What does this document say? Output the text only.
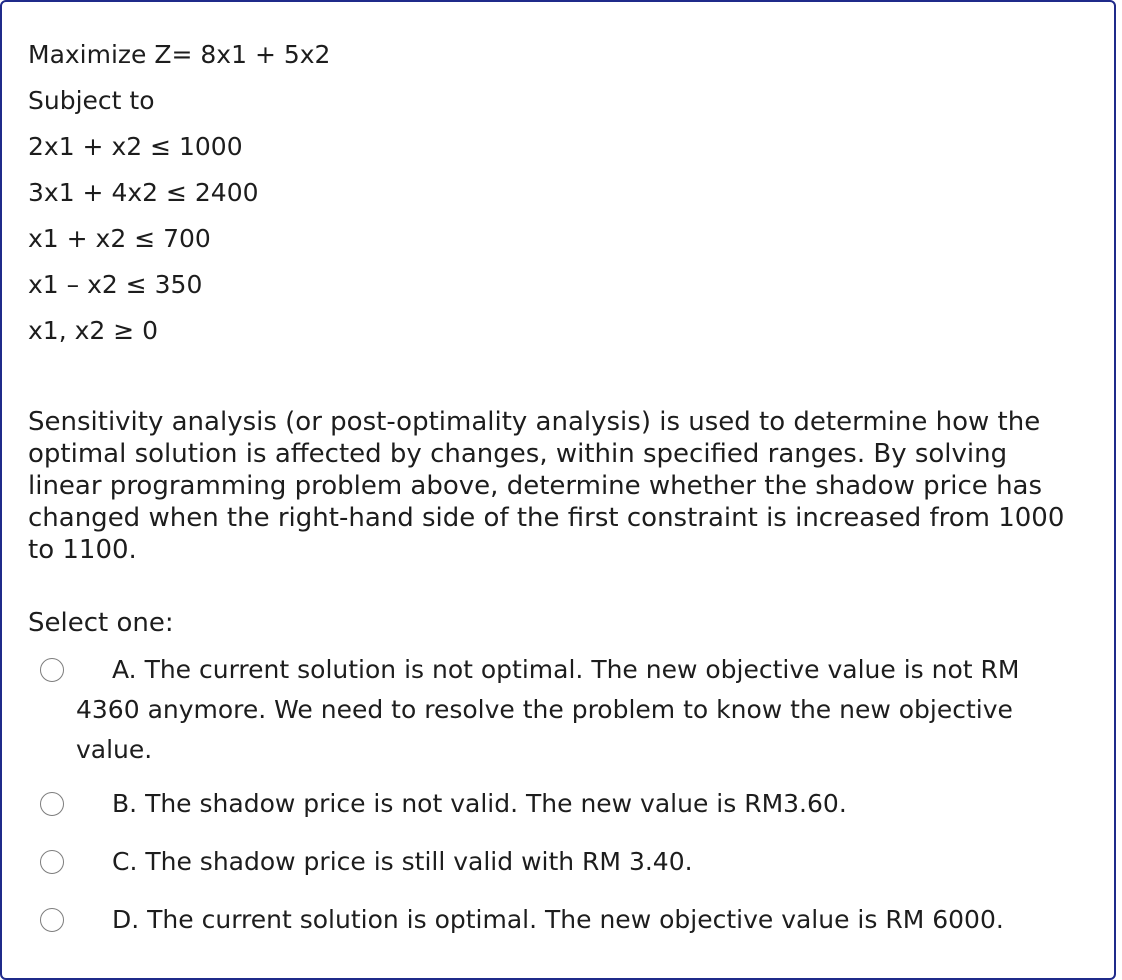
Maximize Z= 8x1 + 5x2
Subject to
2x1 + x2 ≤ 1000
3x1 + 4x2 ≤ 2400
x1 + x2 ≤ 700
x1 – x2 ≤ 350
x1, x2 ≥ 0

Sensitivity analysis (or post-optimality analysis) is used to determine how the optimal solution is affected by changes, within specified ranges. By solving linear programming problem above, determine whether the shadow price has changed when the right-hand side of the first constraint is increased from 1000 to 1100.

Select one:

A. The current solution is not optimal. The new objective value is not RM 4360 anymore. We need to resolve the problem to know the new objective value.
B. The shadow price is not valid. The new value is RM3.60.
C. The shadow price is still valid with RM 3.40.
D. The current solution is optimal. The new objective value is RM 6000.
